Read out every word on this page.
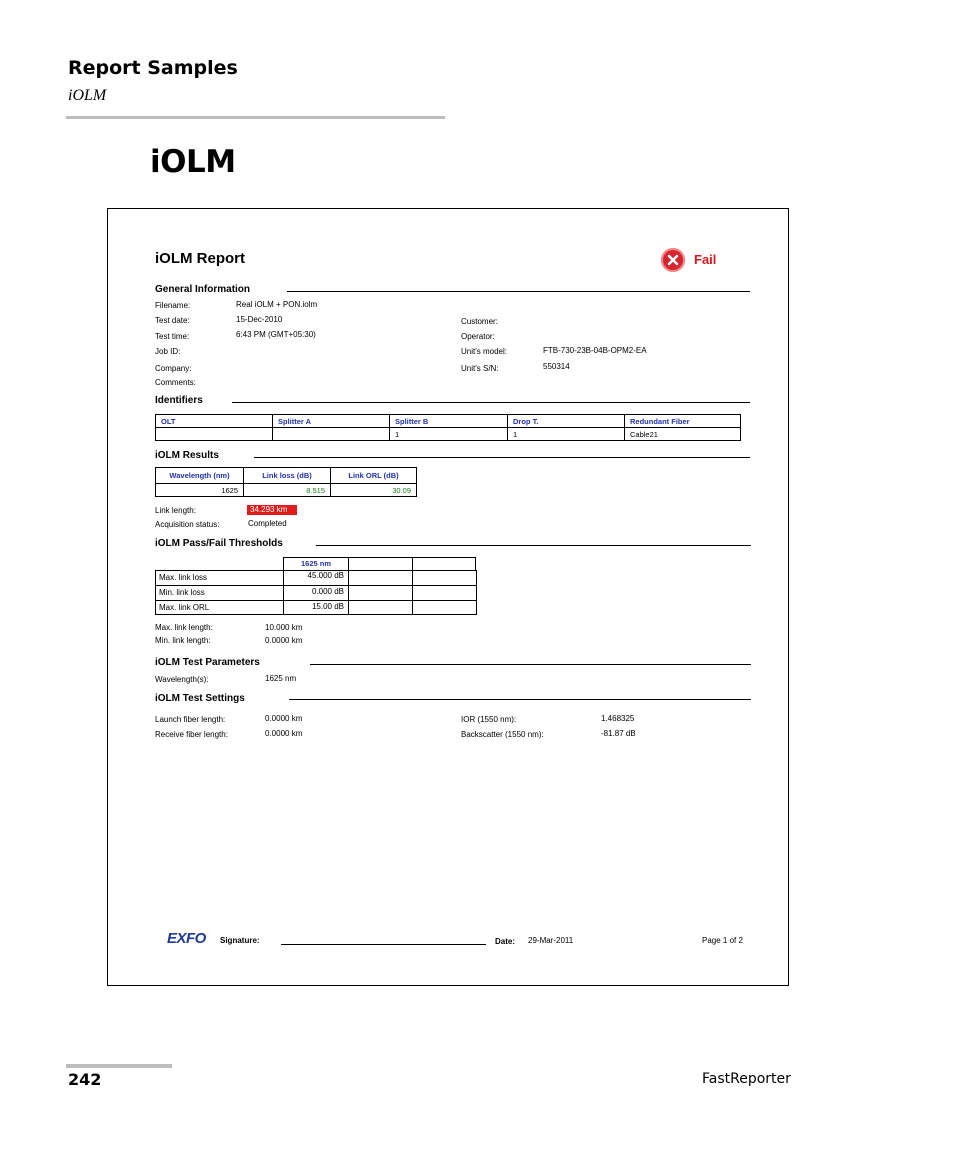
Report Samples
iOLM
iOLM
iOLM Report	Fail
General Information
Filename:	Real iOLM + PON.iolm
Test date:	15-Dec-2010
Test time:	6:43 PM (GMT+05:30)
Job ID:
Company:
Comments:
Customer:
Operator:
Unit's model:	FTB-730-23B-04B-OPM2-EA
Unit's S/N:	550314
Identifiers
OLT	Splitter A	Splitter B	Drop T.	Redundant Fiber
		1	1	Cable21
iOLM Results
Wavelength (nm)	Link loss (dB)	Link ORL (dB)
1625	8.515	30.09
Link length:	34.293 km
Acquisition status:	Completed
iOLM Pass/Fail Thresholds
1625 nm
Max. link loss	45.000 dB
Min. link loss	0.000 dB
Max. link ORL	15.00 dB
Max. link length:	10.000 km
Min. link length:	0.0000 km
iOLM Test Parameters
Wavelength(s):	1625 nm
iOLM Test Settings
Launch fiber length:	0.0000 km
Receive fiber length:	0.0000 km
IOR (1550 nm):	1.468325
Backscatter (1550 nm):	-81.87 dB
EXFO Signature:	Date: 29-Mar-2011	Page 1 of 2
242	FastReporter
